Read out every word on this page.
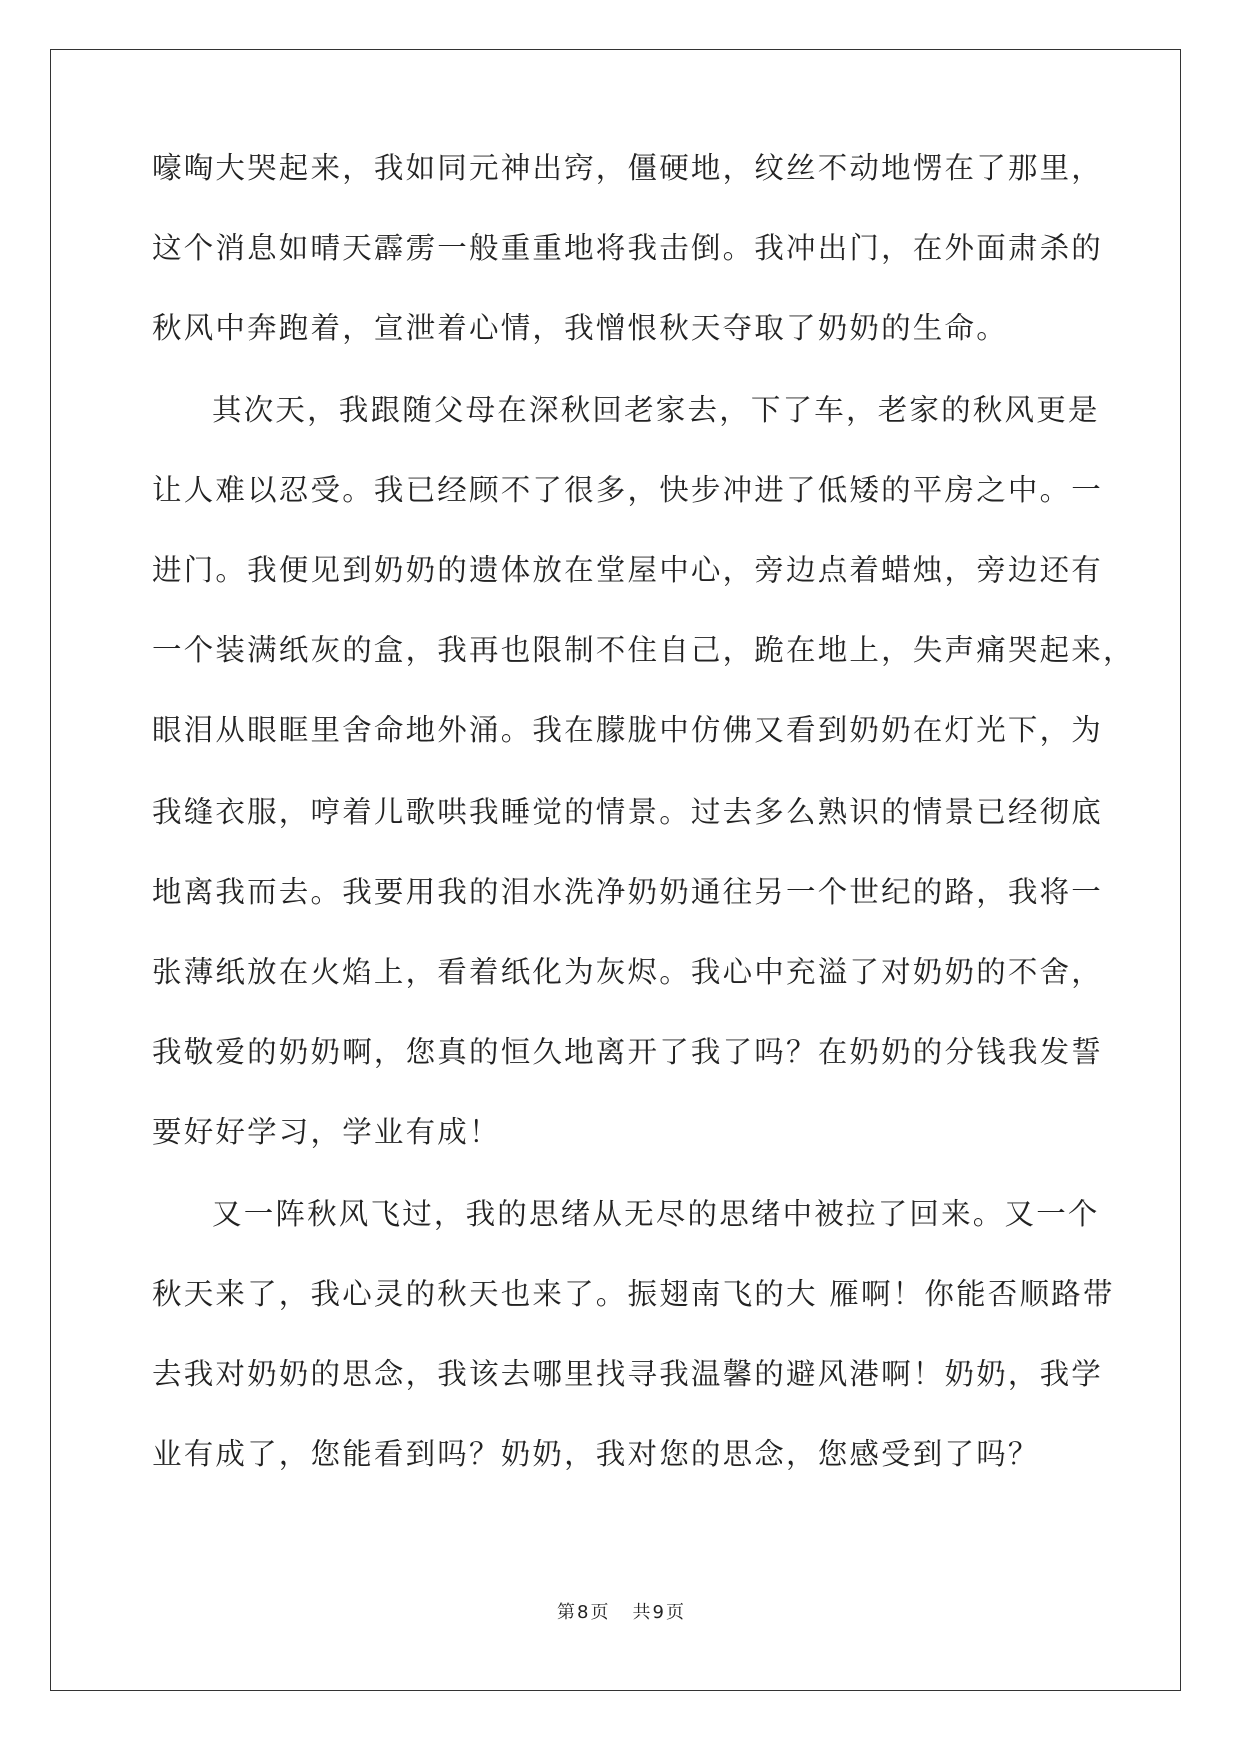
嚎啕大哭起来，我如同元神出窍，僵硬地，纹丝不动地愣在了那里，
这个消息如晴天霹雳一般重重地将我击倒。我冲出门，在外面肃杀的
秋风中奔跑着，宣泄着心情，我憎恨秋天夺取了奶奶的生命。
其次天，我跟随父母在深秋回老家去，下了车，老家的秋风更是
让人难以忍受。我已经顾不了很多，快步冲进了低矮的平房之中。一
进门。我便见到奶奶的遗体放在堂屋中心，旁边点着蜡烛，旁边还有
一个装满纸灰的盒，我再也限制不住自己，跪在地上，失声痛哭起来，
眼泪从眼眶里舍命地外涌。我在朦胧中仿佛又看到奶奶在灯光下，为
我缝衣服，哼着儿歌哄我睡觉的情景。过去多么熟识的情景已经彻底
地离我而去。我要用我的泪水洗净奶奶通往另一个世纪的路，我将一
张薄纸放在火焰上，看着纸化为灰烬。我心中充溢了对奶奶的不舍，
我敬爱的奶奶啊，您真的恒久地离开了我了吗？在奶奶的分钱我发誓
要好好学习，学业有成！
又一阵秋风飞过，我的思绪从无尽的思绪中被拉了回来。又一个
秋天来了，我心灵的秋天也来了。振翅南飞的大 雁啊！你能否顺路带
去我对奶奶的思念，我该去哪里找寻我温馨的避风港啊！奶奶，我学
业有成了，您能看到吗？奶奶，我对您的思念，您感受到了吗？
第 8 页 共 9 页
